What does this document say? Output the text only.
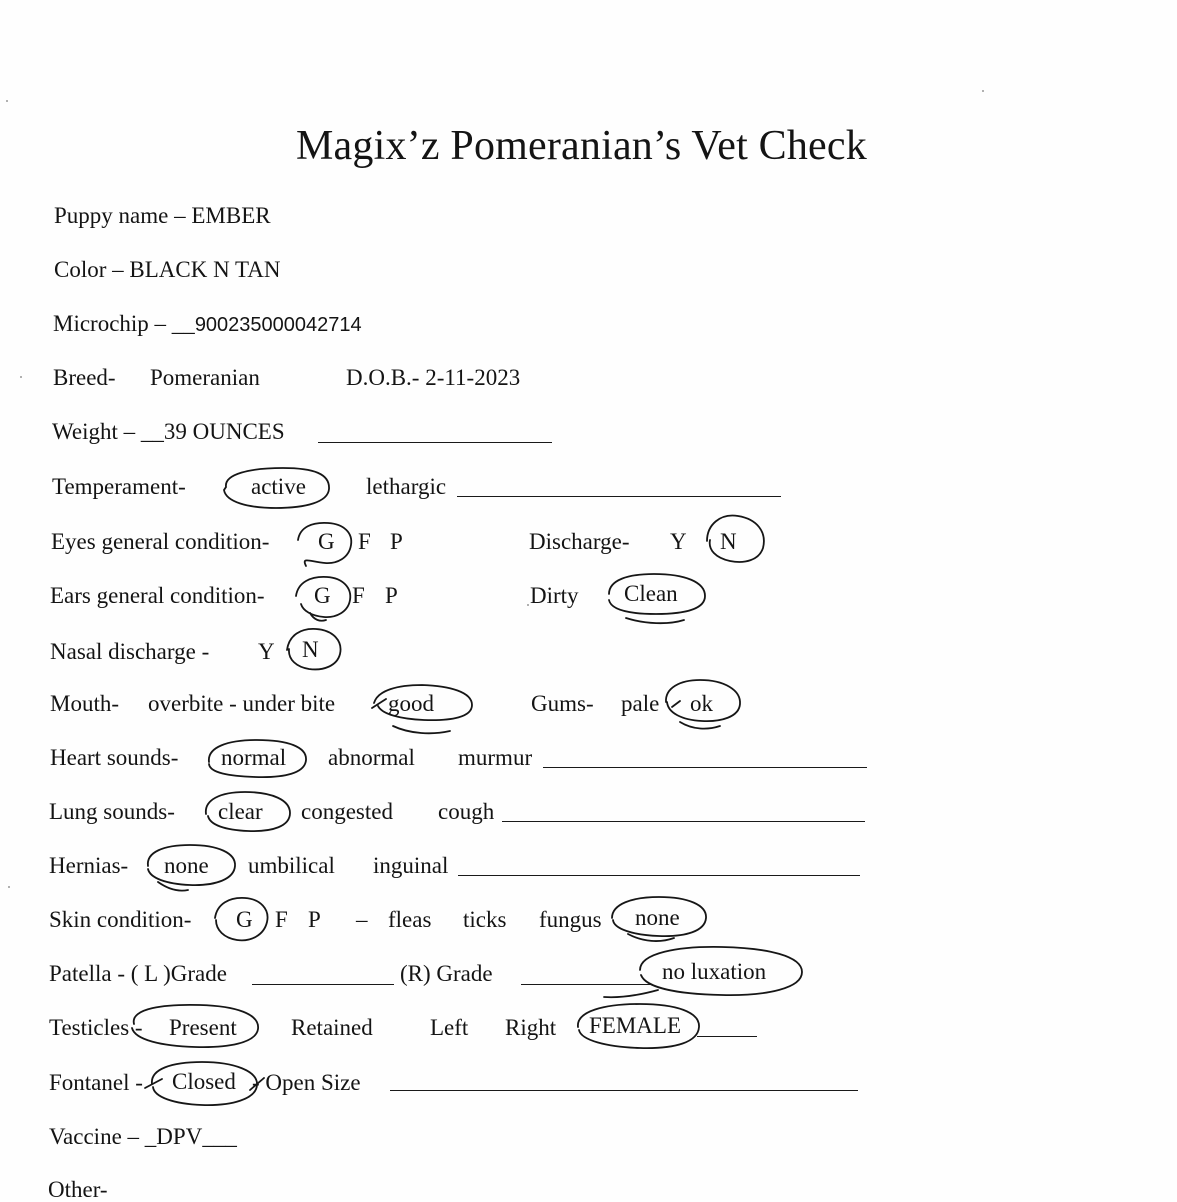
Magix’z Pomeranian’s Vet Check
Puppy name – EMBER
Color – BLACK N TAN
Microchip – __900235000042714
Breed- Pomeranian	D.O.B.- 2-11-2023
Weight – __39 OUNCES
Temperament-	active	lethargic
Eyes general condition- G F P	Discharge- Y N
Ears general condition- G F P	Dirty Clean
Nasal discharge - Y N
Mouth- overbite - under bite good	Gums- pale ok
Heart sounds- normal abnormal murmur
Lung sounds- clear congested cough
Hernias- none umbilical inguinal
Skin condition- G F P – fleas ticks fungus none
Patella - ( L )Grade	(R) Grade	no luxation
Testicles - Present Retained Left Right FEMALE
Fontanel - Closed - Open Size
Vaccine – _DPV___
Other-
